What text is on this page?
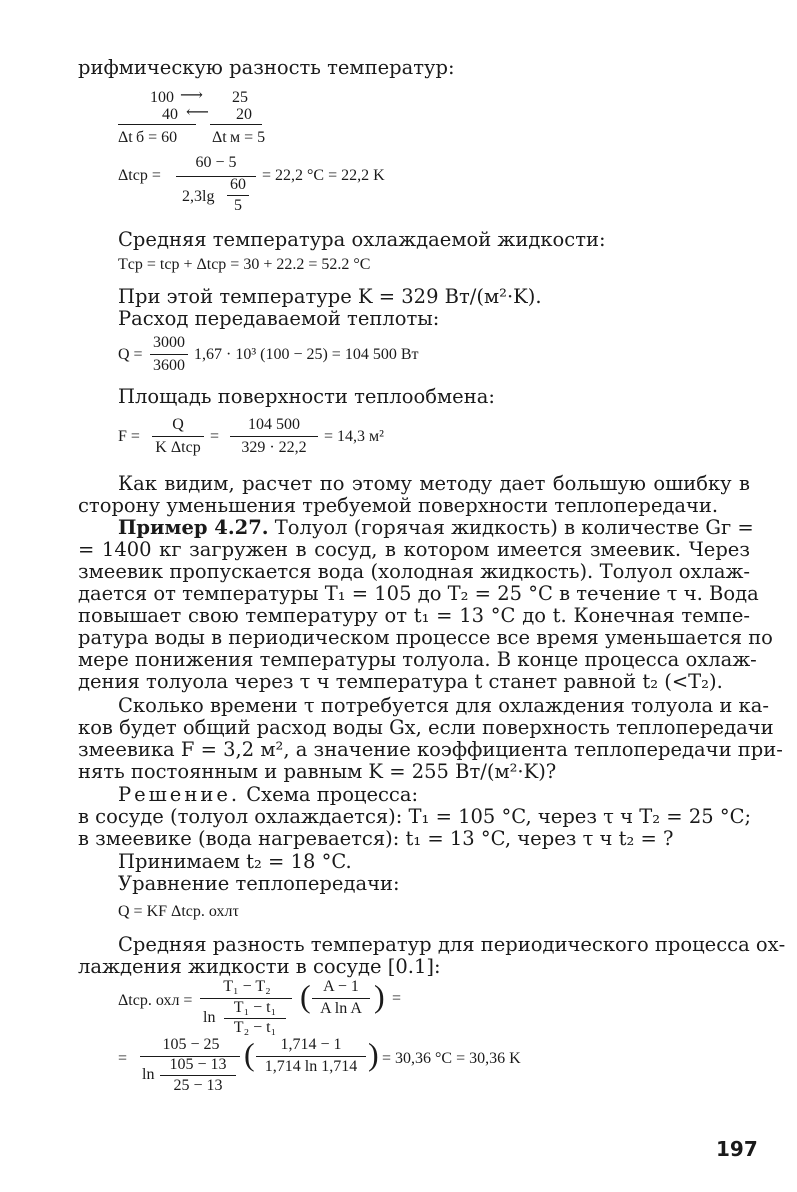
рифмическую разность температур:
100 ⟶ 25
40 ⟵ 20
Δt б = 60 Δt м = 5
Δtср =
60 − 5
2,3lg
60
5
= 22,2 °C = 22,2 K
Средняя температура охлаждаемой жидкости:
Tср = tср + Δtср = 30 + 22.2 = 52.2 °C
При этой температуре K = 329 Вт/(м²·K).
Расход передаваемой теплоты:
Q =
3000
3600
1,67 · 10³ (100 − 25) = 104 500 Вт
Площадь поверхности теплообмена:
F =
Q
K Δtср
=
104 500
329 · 22,2
= 14,3 м²
Как видим, расчет по этому методу дает большую ошибку в
сторону уменьшения требуемой поверхности теплопередачи.
Пример 4.27. Толуол (горячая жидкость) в количестве Gг =
= 1400 кг загружен в сосуд, в котором имеется змеевик. Через
змеевик пропускается вода (холодная жидкость). Толуол охлаж-
дается от температуры T₁ = 105 до T₂ = 25 °C в течение τ ч. Вода
повышает свою температуру от t₁ = 13 °C до t. Конечная темпе-
ратура воды в периодическом процессе все время уменьшается по
мере понижения температуры толуола. В конце процесса охлаж-
дения толуола через τ ч температура t станет равной t₂ (<T₂).
Сколько времени τ потребуется для охлаждения толуола и ка-
ков будет общий расход воды Gх, если поверхность теплопередачи
змеевика F = 3,2 м², а значение коэффициента теплопередачи при-
нять постоянным и равным K = 255 Вт/(м²·K)?
Решение. Схема процесса:
в сосуде (толуол охлаждается): T₁ = 105 °C, через τ ч T₂ = 25 °C;
в змеевике (вода нагревается): t₁ = 13 °C, через τ ч t₂ = ?
Принимаем t₂ = 18 °C.
Уравнение теплопередачи:
Q = KF Δtср. охлτ
Средняя разность температур для периодического процесса ох-
лаждения жидкости в сосуде [0.1]:
Δtср. охл =
T₁ − T₂
ln
T₁ − t₁
T₂ − t₁
( A − 1
A ln A ) =
=
105 − 25
ln
105 − 13
25 − 13
(	1,714 − 1
1,714 ln 1,714 ) = 30,36 °C = 30,36 K
197
